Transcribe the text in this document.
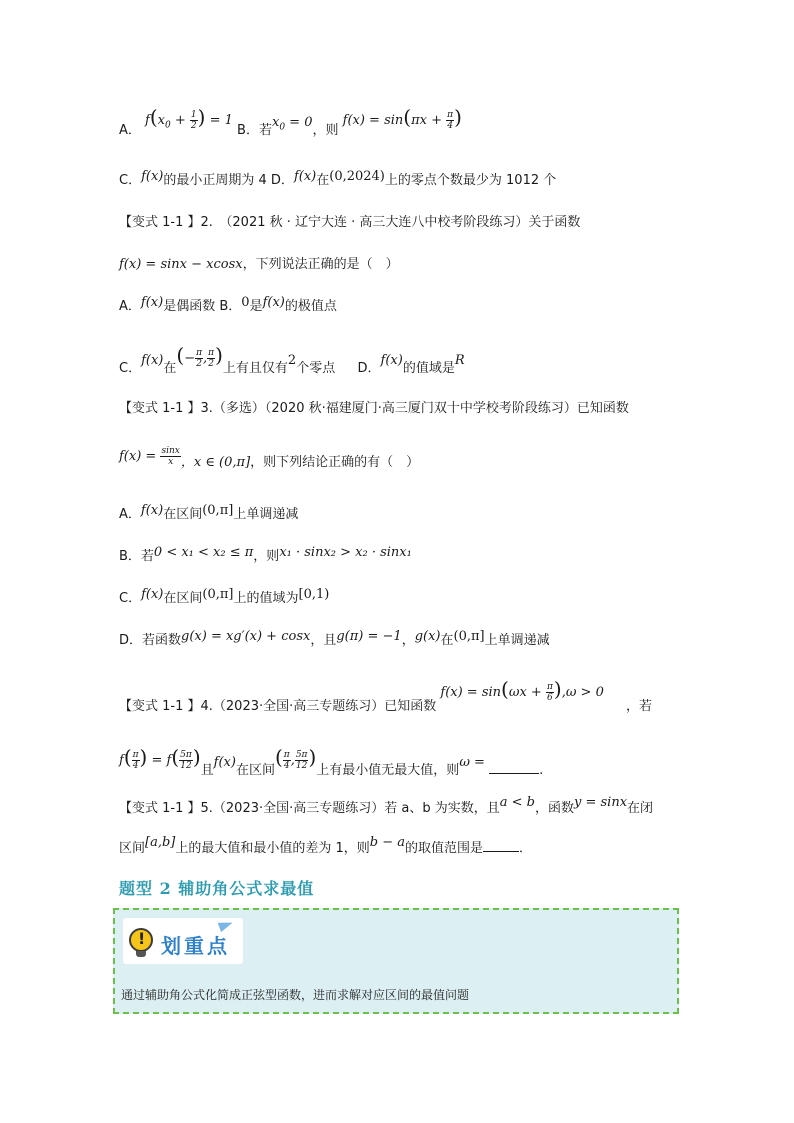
A． $f(x_0 + \frac{1}{2}$ ) = 1 B．若$x_0 = 0$，则 $f(x) = \sin(\pi x + \frac{\pi}{4}$ )
C．f(x)的最小正周期为 4 D．f(x)在(0,2024)上的零点个数最少为 1012 个
【变式 1-1 】2.　（2021 秋 · 辽宁大连 · 高三大连八中校考阶段练习）关于函数
f(x) = sinx − xcosx，下列说法正确的是（　）
A．f(x)是偶函数 B．0是f(x)的极值点
C．f(x)在(− $\frac{\pi}{2}$ , $\frac{\pi}{2}$ )上有且仅有2个零点 D．f(x)的值域是R
【变式 1-1 】3.（多选）（2020 秋·福建厦门·高三厦门双十中学校考阶段练习）已知函数
$f(x) = \frac{\sin x}{x}$ ，x ∈ (0,π]，则下列结论正确的有（　）
A．f(x)在区间(0,π]上单调递减
B．若0 < x₁ < x₂ ≤ π，则x₁ · sinx₂ > x₂ · sinx₁
C．f(x)在区间(0,π]上的值域为[0,1)
D．若函数g(x) = xg′(x) + cosx，且g(π) = −1，g(x)在(0,π]上单调递减
【变式 1-1 】4.（2023·全国·高三专题练习）已知函数 $f(x) = \sin(\omega x + \frac{\pi}{6} ),\omega > 0$ ，若
$f( \frac{\pi}{4}$ ) = $f( \frac{5\pi}{12}$ )且f(x)在区间( $\frac{\pi}{4}$ , $\frac{5\pi}{12}$ )上有最小值无最大值，则ω = .
【变式 1-1 】5.（2023·全国·高三专题练习）若 a、b 为实数，且a < b，函数y = sinx在闭
区间[a,b]上的最大值和最小值的差为 1，则b − a的取值范围是	．
题型 2 辅助角公式求最值
!
划重点
通过辅助角公式化简成正弦型函数，进而求解对应区间的最值问题
